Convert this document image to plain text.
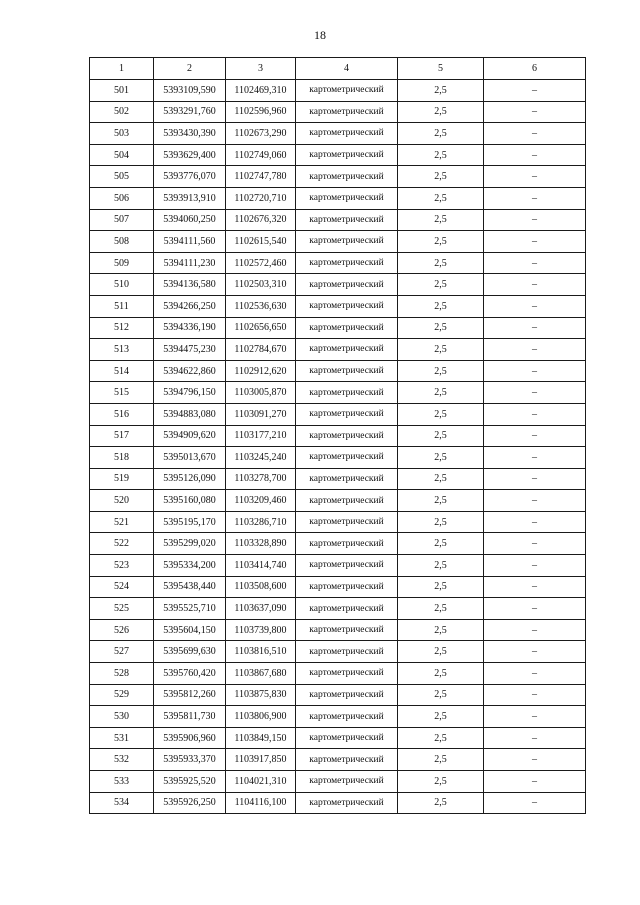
18
1	2	3	4	5	6
501	5393109,590	1102469,310	картометрический	2,5	–
502	5393291,760	1102596,960	картометрический	2,5	–
503	5393430,390	1102673,290	картометрический	2,5	–
504	5393629,400	1102749,060	картометрический	2,5	–
505	5393776,070	1102747,780	картометрический	2,5	–
506	5393913,910	1102720,710	картометрический	2,5	–
507	5394060,250	1102676,320	картометрический	2,5	–
508	5394111,560	1102615,540	картометрический	2,5	–
509	5394111,230	1102572,460	картометрический	2,5	–
510	5394136,580	1102503,310	картометрический	2,5	–
511	5394266,250	1102536,630	картометрический	2,5	–
512	5394336,190	1102656,650	картометрический	2,5	–
513	5394475,230	1102784,670	картометрический	2,5	–
514	5394622,860	1102912,620	картометрический	2,5	–
515	5394796,150	1103005,870	картометрический	2,5	–
516	5394883,080	1103091,270	картометрический	2,5	–
517	5394909,620	1103177,210	картометрический	2,5	–
518	5395013,670	1103245,240	картометрический	2,5	–
519	5395126,090	1103278,700	картометрический	2,5	–
520	5395160,080	1103209,460	картометрический	2,5	–
521	5395195,170	1103286,710	картометрический	2,5	–
522	5395299,020	1103328,890	картометрический	2,5	–
523	5395334,200	1103414,740	картометрический	2,5	–
524	5395438,440	1103508,600	картометрический	2,5	–
525	5395525,710	1103637,090	картометрический	2,5	–
526	5395604,150	1103739,800	картометрический	2,5	–
527	5395699,630	1103816,510	картометрический	2,5	–
528	5395760,420	1103867,680	картометрический	2,5	–
529	5395812,260	1103875,830	картометрический	2,5	–
530	5395811,730	1103806,900	картометрический	2,5	–
531	5395906,960	1103849,150	картометрический	2,5	–
532	5395933,370	1103917,850	картометрический	2,5	–
533	5395925,520	1104021,310	картометрический	2,5	–
534	5395926,250	1104116,100	картометрический	2,5	–
